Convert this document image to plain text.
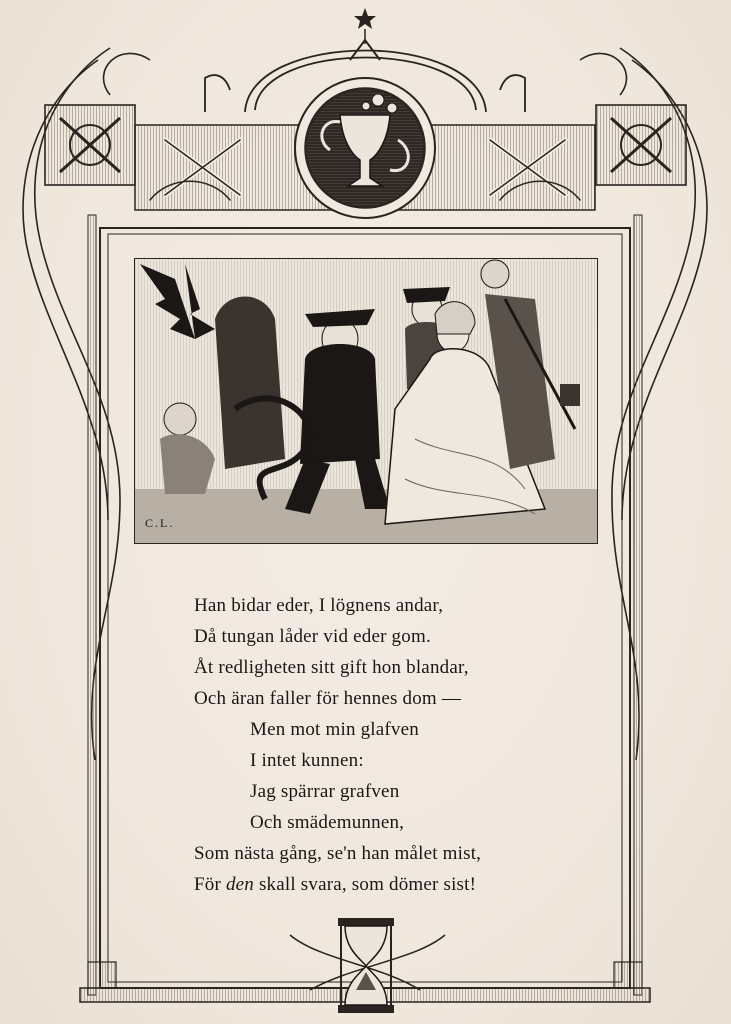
C.L.
Han bidar eder, I lögnens andar,
Då tungan låder vid eder gom.
Åt redligheten sitt gift hon blandar,
Och äran faller för hennes dom —
Men mot min glafven
I intet kunnen:
Jag spärrar grafven
Och smädemunnen,
Som nästa gång, se'n han målet mist,
För den skall svara, som dömer sist!
